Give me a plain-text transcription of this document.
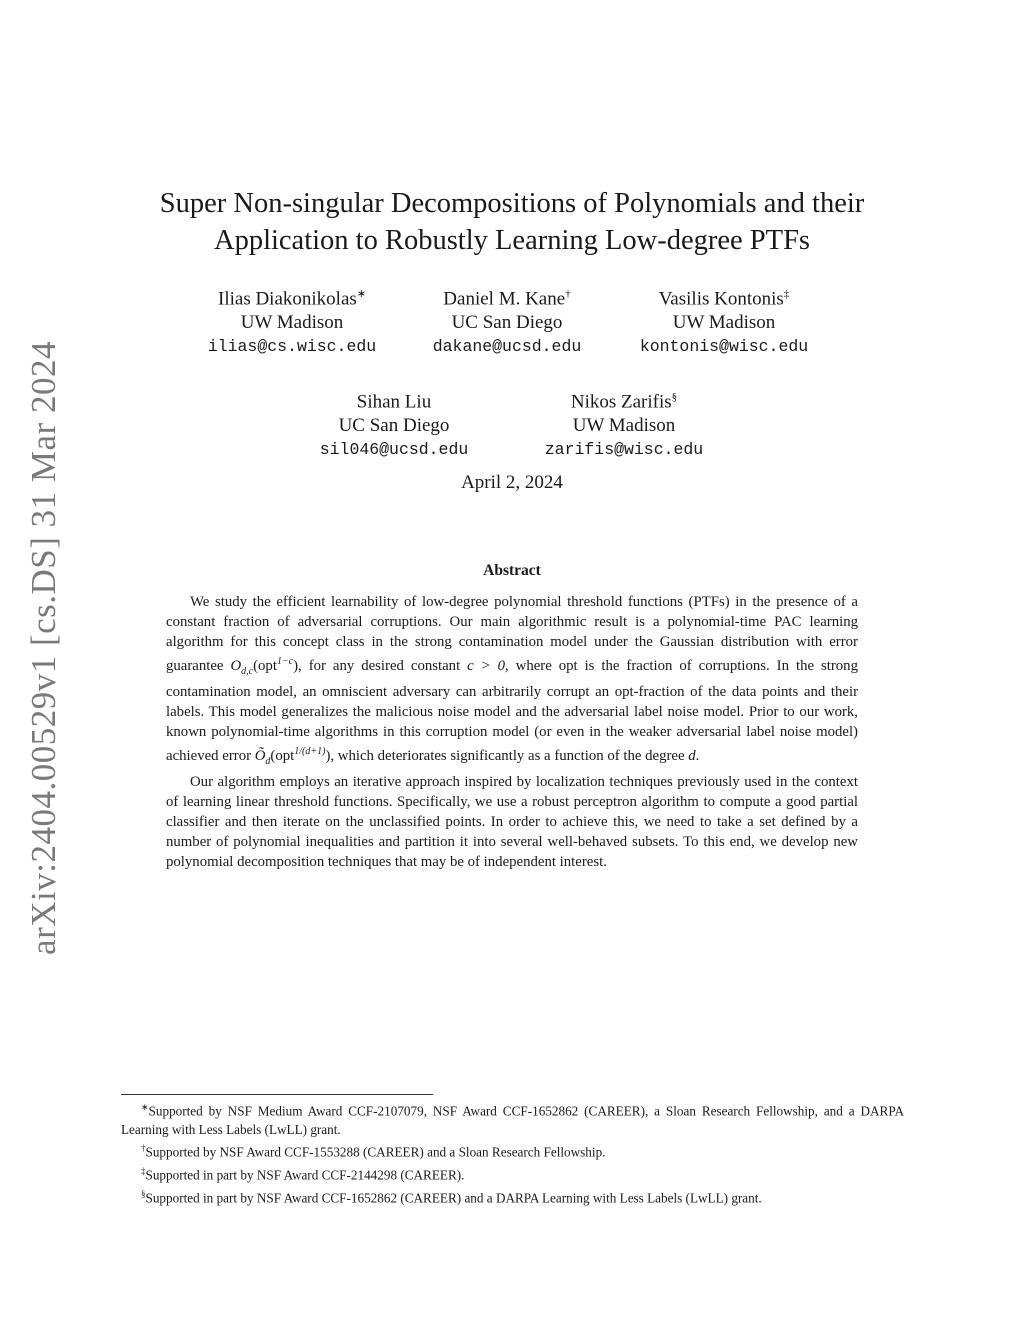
arXiv:2404.00529v1 [cs.DS] 31 Mar 2024
Super Non-singular Decompositions of Polynomials and their
Application to Robustly Learning Low-degree PTFs
Ilias Diakonikolas∗
UW Madison
ilias@cs.wisc.edu
Daniel M. Kane†
UC San Diego
dakane@ucsd.edu
Vasilis Kontonis‡
UW Madison
kontonis@wisc.edu
Sihan Liu
UC San Diego
sil046@ucsd.edu
Nikos Zarifis§
UW Madison
zarifis@wisc.edu
April 2, 2024
Abstract

We study the efficient learnability of low-degree polynomial threshold functions (PTFs) in the presence of a constant fraction of adversarial corruptions. Our main algorithmic result is a polynomial-time PAC learning algorithm for this concept class in the strong contamination model under the Gaussian distribution with error guarantee $O_{d,c}(opt^{1-c})$, for any desired constant c > 0, where opt is the fraction of corruptions. In the strong contamination model, an omniscient adversary can arbitrarily corrupt an opt-fraction of the data points and their labels. This model generalizes the malicious noise model and the adversarial label noise model. Prior to our work, known polynomial-time algorithms in this corruption model (or even in the weaker adversarial label noise model) achieved error $Õ_d(opt^{1/(d+1)})$, which deteriorates significantly as a function of the degree d.

Our algorithm employs an iterative approach inspired by localization techniques previously used in the context of learning linear threshold functions. Specifically, we use a robust perceptron algorithm to compute a good partial classifier and then iterate on the unclassified points. In order to achieve this, we need to take a set defined by a number of polynomial inequalities and partition it into several well-behaved subsets. To this end, we develop new polynomial decomposition techniques that may be of independent interest.

∗Supported by NSF Medium Award CCF-2107079, NSF Award CCF-1652862 (CAREER), a Sloan Research Fellowship, and a DARPA Learning with Less Labels (LwLL) grant.

†Supported by NSF Award CCF-1553288 (CAREER) and a Sloan Research Fellowship.

‡Supported in part by NSF Award CCF-2144298 (CAREER).

§Supported in part by NSF Award CCF-1652862 (CAREER) and a DARPA Learning with Less Labels (LwLL) grant.
